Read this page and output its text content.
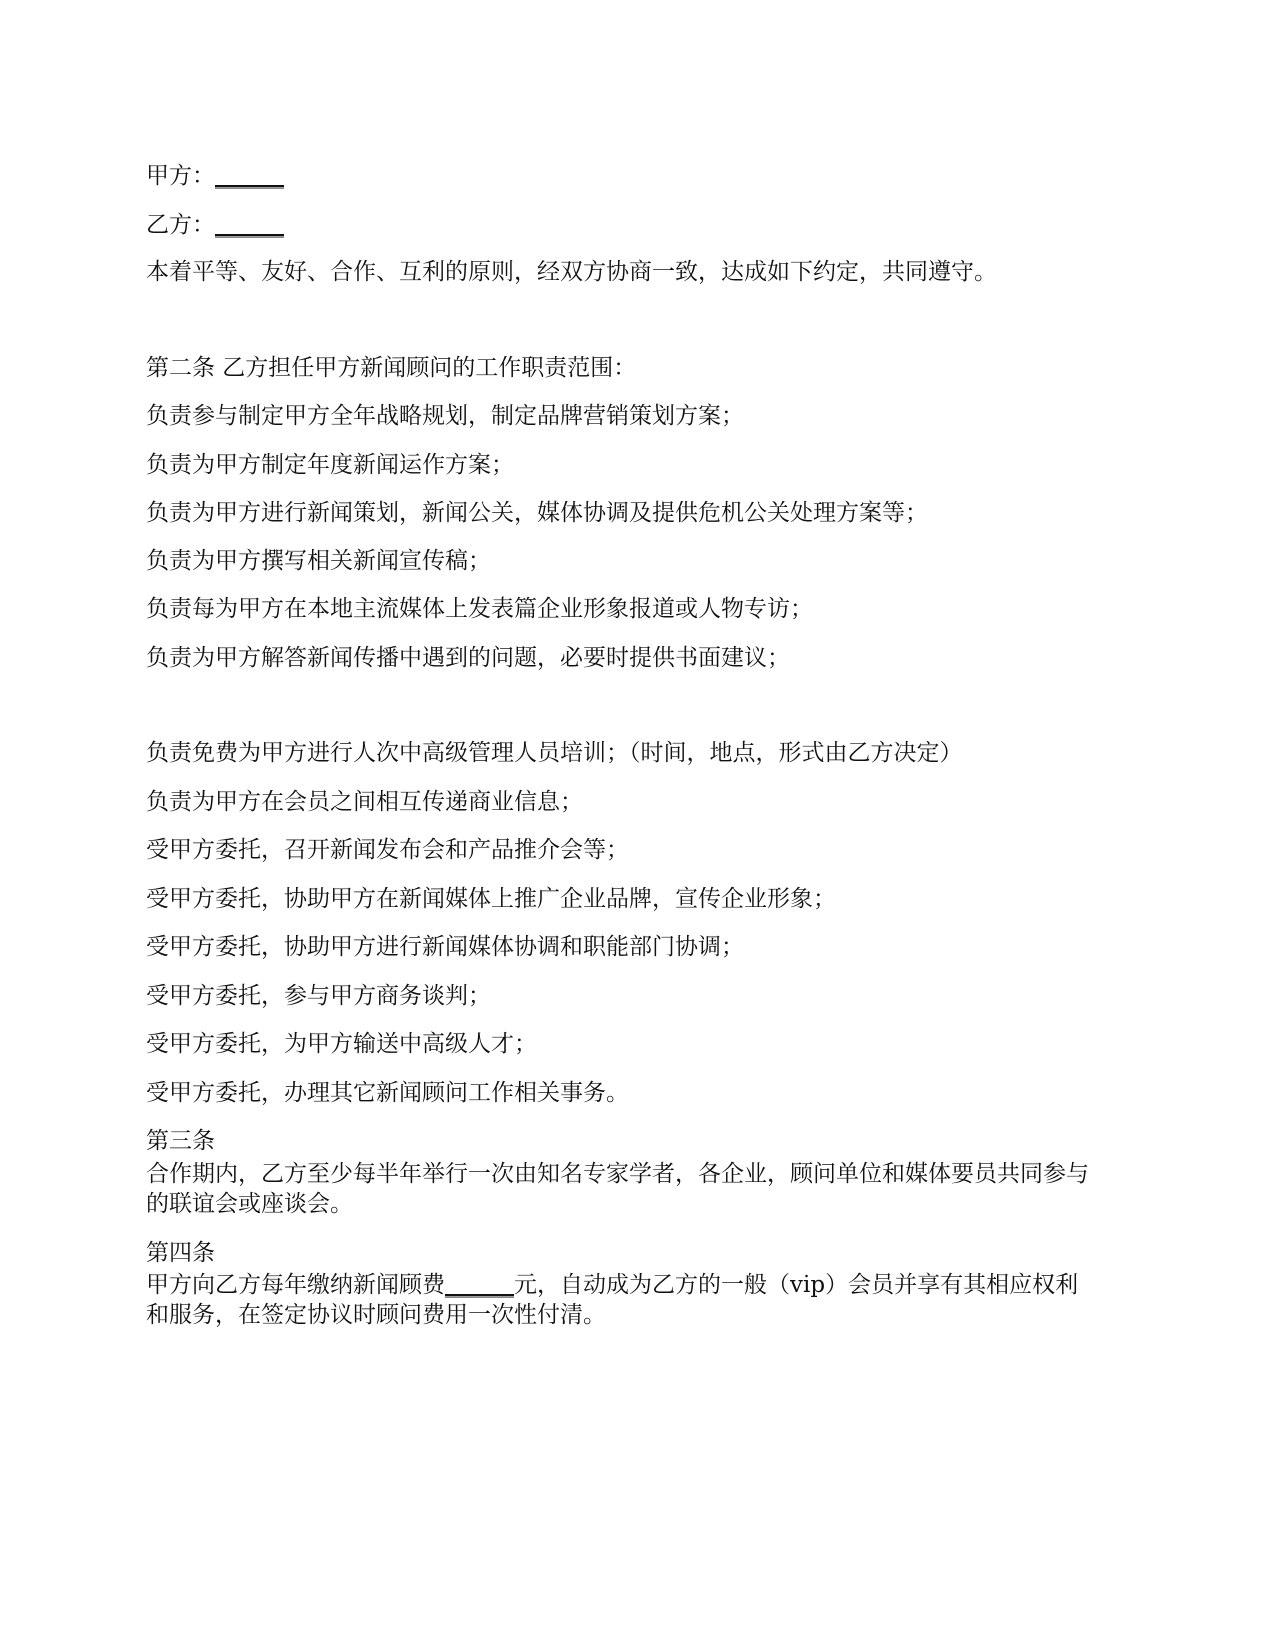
甲方：______
乙方：______
本着平等、友好、合作、互利的原则，经双方协商一致，达成如下约定，共同遵守。
第二条 乙方担任甲方新闻顾问的工作职责范围：
负责参与制定甲方全年战略规划，制定品牌营销策划方案；
负责为甲方制定年度新闻运作方案；
负责为甲方进行新闻策划，新闻公关，媒体协调及提供危机公关处理方案等；
负责为甲方撰写相关新闻宣传稿；
负责每为甲方在本地主流媒体上发表篇企业形象报道或人物专访；
负责为甲方解答新闻传播中遇到的问题，必要时提供书面建议；
负责免费为甲方进行人次中高级管理人员培训；（时间，地点，形式由乙方决定）
负责为甲方在会员之间相互传递商业信息；
受甲方委托，召开新闻发布会和产品推介会等；
受甲方委托，协助甲方在新闻媒体上推广企业品牌，宣传企业形象；
受甲方委托，协助甲方进行新闻媒体协调和职能部门协调；
受甲方委托，参与甲方商务谈判；
受甲方委托，为甲方输送中高级人才；
受甲方委托，办理其它新闻顾问工作相关事务。
第三条
合作期内，乙方至少每半年举行一次由知名专家学者，各企业，顾问单位和媒体要员共同参与的联谊会或座谈会。
第四条
甲方向乙方每年缴纳新闻顾费______元，自动成为乙方的一般（vip）会员并享有其相应权利和服务，在签定协议时顾问费用一次性付清。
